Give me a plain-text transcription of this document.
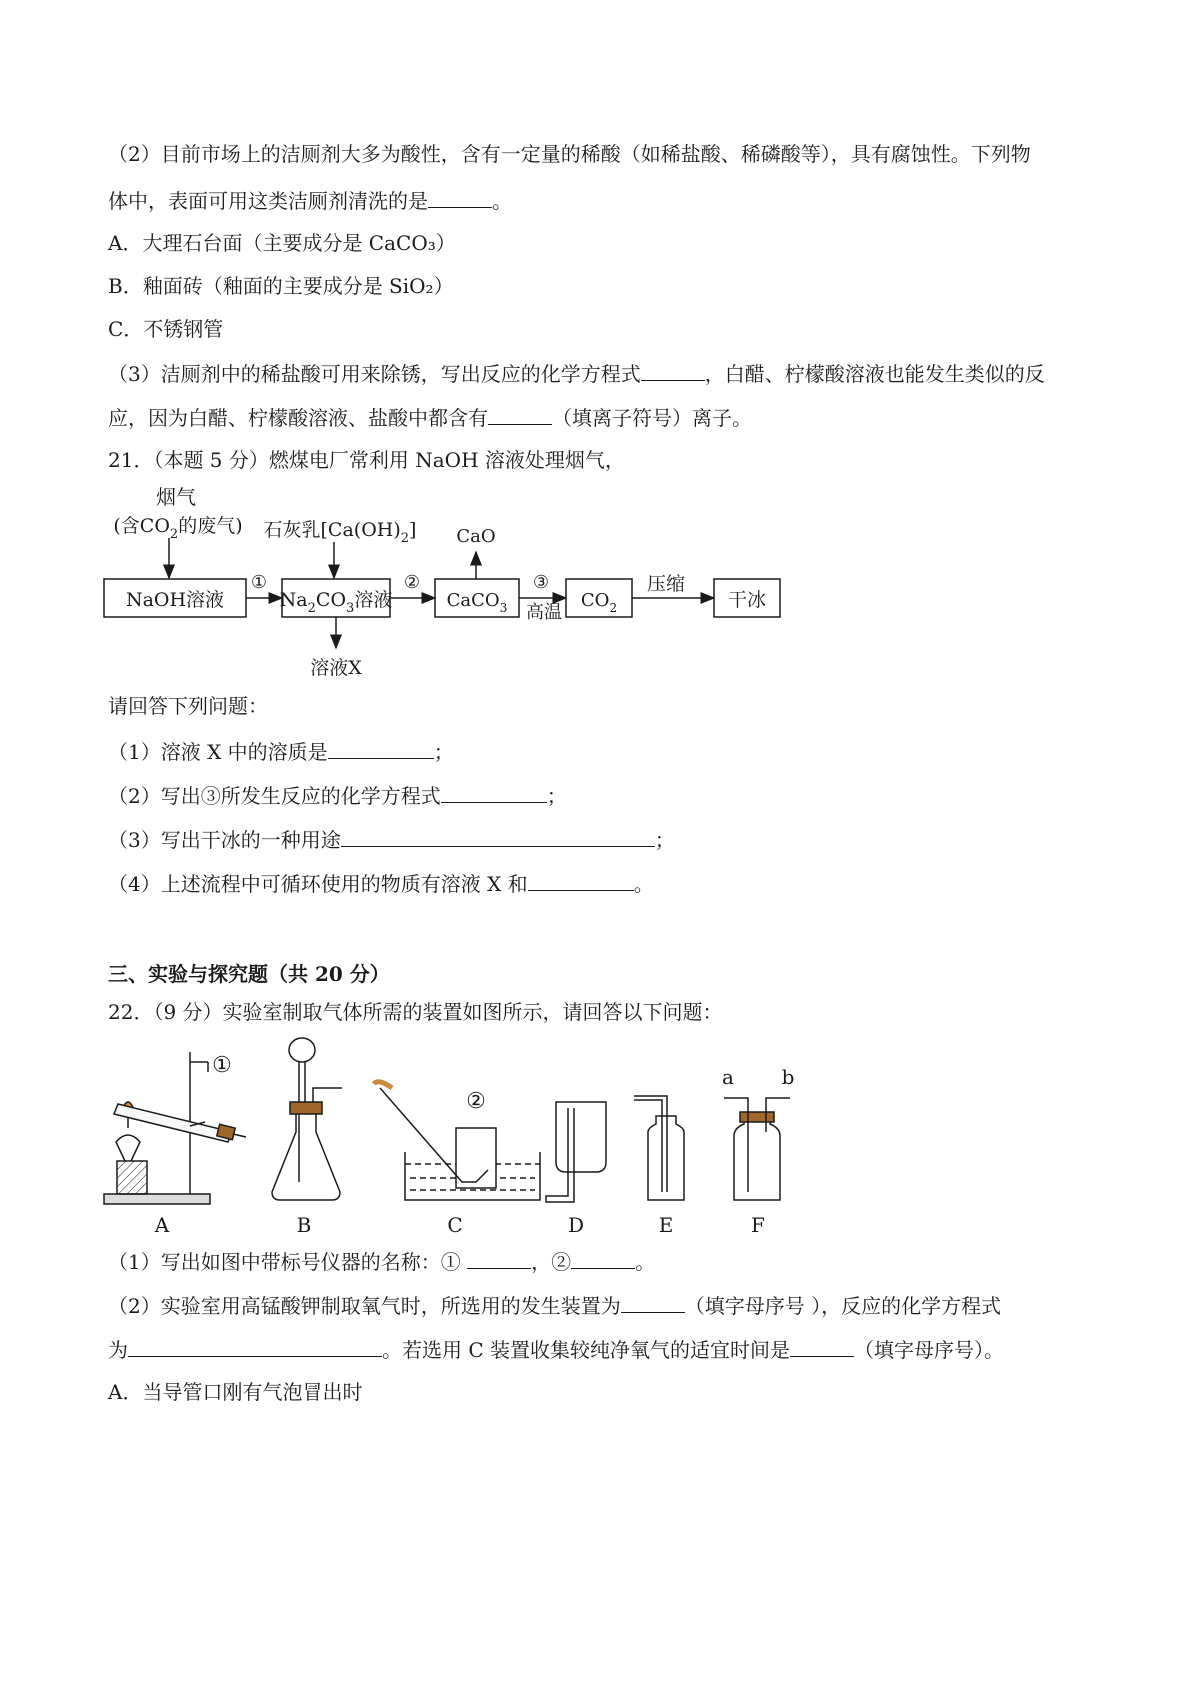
（2）目前市场上的洁厕剂大多为酸性，含有一定量的稀酸（如稀盐酸、稀磷酸等），具有腐蚀性。下列物
体中，表面可用这类洁厕剂清洗的是	。
A．大理石台面（主要成分是 CaCO₃）
B．釉面砖（釉面的主要成分是 SiO₂）
C．不锈钢管
（3）洁厕剂中的稀盐酸可用来除锈，写出反应的化学方程式	，白醋、柠檬酸溶液也能发生类似的反
应，因为白醋、柠檬酸溶液、盐酸中都含有	（填离子符号）离子。
21．（本题 5 分）燃煤电厂常利用 NaOH 溶液处理烟气，
烟气
(含$CO_2$的废气) 石灰乳$[Ca(OH)_2]$ CaO
NaOH溶液	$Na_2CO_3$溶液	CaCO$_3$	$CO_2$	干冰
①	②	③
高温
压缩
溶液X
请回答下列问题：
（1）溶液 X 中的溶质是	；
（2）写出③所发生反应的化学方程式	；
（3）写出干冰的一种用途	；
（4）上述流程中可循环使用的物质有溶液 X 和	。
三、实验与探究题（共 20 分）
22．（9 分）实验室制取气体所需的装置如图所示，请回答以下问题：
①
B
②
a b
A	C	D	E	F
（1）写出如图中带标号仪器的名称：①	，②	。
（2）实验室用高锰酸钾制取氧气时，所选用的发生装置为	（填字母序号 ），反应的化学方程式
为	。若选用 C 装置收集较纯净氧气的适宜时间是	（填字母序号）。
A．当导管口刚有气泡冒出时
